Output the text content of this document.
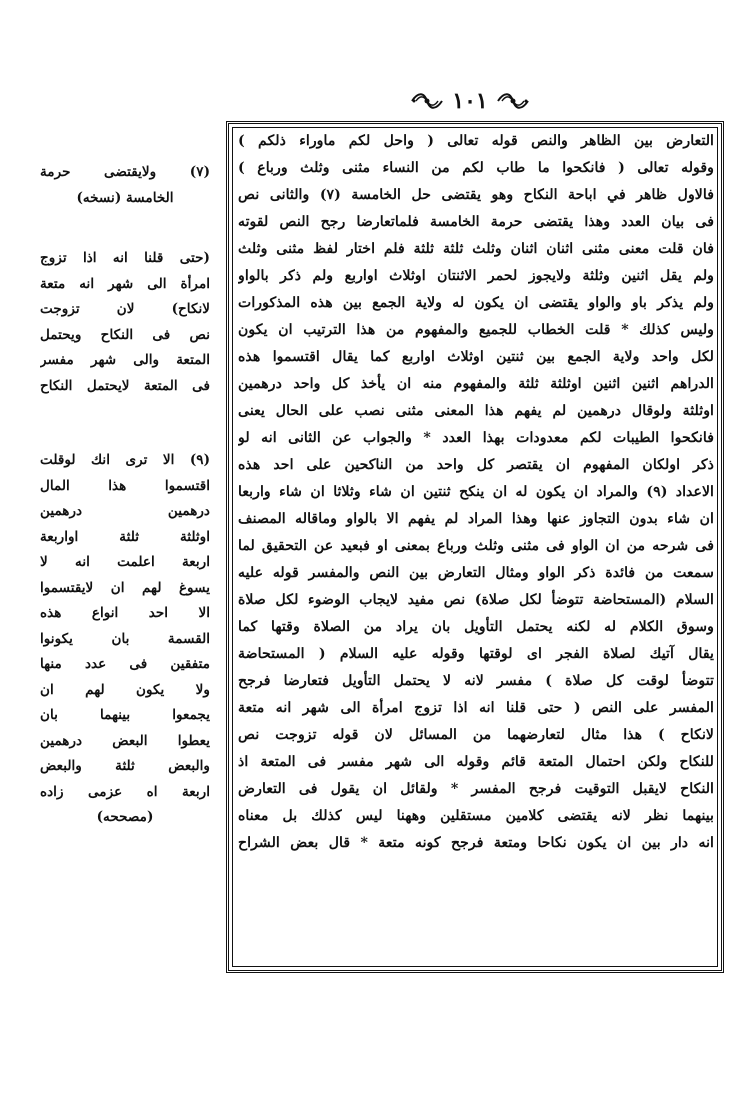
١٠١
التعارض بين الظاهر والنص قوله تعالى ( واحل لكم ماوراء ذلكم )
وقوله تعالى ( فانكحوا ما طاب لكم من النساء مثنى وثلث ورباع )
فالاول ظاهر في اباحة النكاح وهو يقتضى حل الخامسة (٧) والثانى نص
فى بيان العدد وهذا يقتضى حرمة الخامسة فلماتعارضا رجح النص لقوته
فان قلت معنى مثنى اثنان اثنان وثلث ثلثة ثلثة فلم اختار لفظ مثنى وثلث
ولم يقل اثنين وثلثة ولايجوز لحمر الاثنتان اوثلاث اواربع ولم ذكر بالواو
ولم يذكر باو والواو يقتضى ان يكون له ولاية الجمع بين هذه المذكورات
وليس كذلك * قلت الخطاب للجميع والمفهوم من هذا الترتيب ان يكون
لكل واحد ولاية الجمع بين ثنتين اوثلاث اواربع كما يقال اقتسموا هذه
الدراهم اثنين اثنين اوثلثة ثلثة والمفهوم منه ان يأخذ كل واحد درهمين
اوثلثة ولوقال درهمين لم يفهم هذا المعنى مثنى نصب على الحال يعنى
فانكحوا الطيبات لكم معدودات بهذا العدد * والجواب عن الثانى انه لو
ذكر اولكان المفهوم ان يقتصر كل واحد من الناكحين على احد هذه
الاعداد (٩) والمراد ان يكون له ان ينكح ثنتين ان شاء وثلاثا ان شاء واربعا
ان شاء بدون التجاوز عنها وهذا المراد لم يفهم الا بالواو وماقاله المصنف
فى شرحه من ان الواو فى مثنى وثلث ورباع بمعنى او فبعيد عن التحقيق لما
سمعت من فائدة ذكر الواو ومثال التعارض بين النص والمفسر قوله عليه
السلام (المستحاضة تتوضأ لكل صلاة) نص مفيد لايجاب الوضوء لكل صلاة
وسوق الكلام له لكنه يحتمل التأويل بان يراد من الصلاة وقتها كما
يقال آتيك لصلاة الفجر اى لوقتها وقوله عليه السلام ( المستحاضة
تتوضأ لوقت كل صلاة ) مفسر لانه لا يحتمل التأويل فتعارضا فرجح
المفسر على النص ( حتى قلنا انه اذا تزوج امرأة الى شهر انه متعة
لانكاح ) هذا مثال لتعارضهما من المسائل لان قوله تزوجت نص
للنكاح ولكن احتمال المتعة قائم وقوله الى شهر مفسر فى المتعة اذ
النكاح لايقبل التوقيت فرجح المفسر * ولقائل ان يقول فى التعارض
بينهما نظر لانه يقتضى كلامين مستقلين وههنا ليس كذلك بل معناه
انه دار بين ان يكون نكاحا ومتعة فرجح كونه متعة * قال بعض الشراح
(٧) ولايقتضى حرمة
الخامسة (نسخه)
(حتى قلنا انه اذا تزوج
امرأة الى شهر انه متعة
لانكاح) لان تزوجت
نص فى النكاح ويحتمل
المتعة والى شهر مفسر
فى المتعة لايحتمل النكاح
(٩) الا ترى انك لوقلت
اقتسموا هذا المال
درهمين درهمين
اوثلثة ثلثة اواربعة
اربعة اعلمت انه لا
يسوغ لهم ان لايقتسموا
الا احد انواع هذه
القسمة بان يكونوا
متفقين فى عدد منها
ولا يكون لهم ان
يجمعوا بينهما بان
يعطوا البعض درهمين
والبعض ثلثة والبعض
اربعة اه عزمى زاده
(مصححه)
